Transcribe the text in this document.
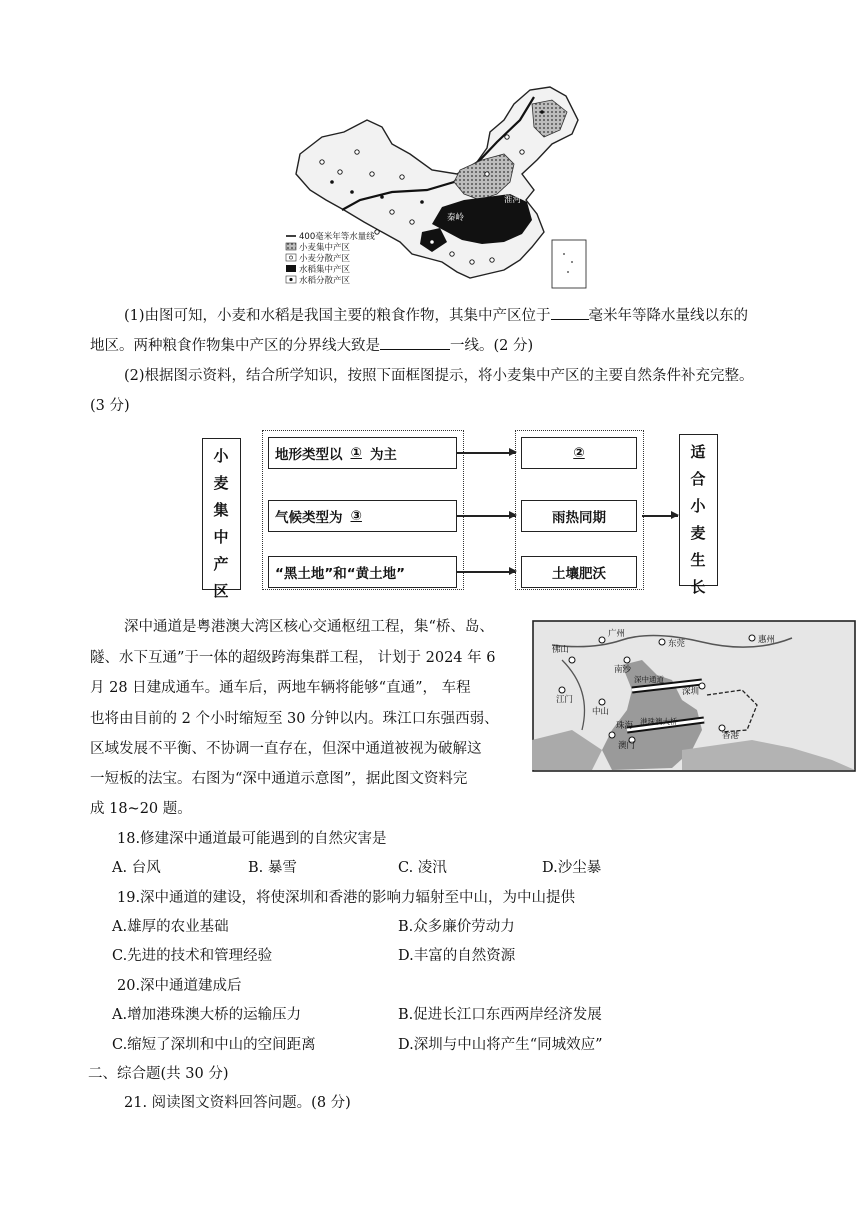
秦岭
淮河
400毫米年等水量线
小麦集中产区
小麦分散产区
水稻集中产区
水稻分散产区
(1)由图可知，小麦和水稻是我国主要的粮食作物，其集中产区位于	毫米年等降水量线以东的
地区。两种粮食作物集中产区的分界线大致是	一线。(2 分)
(2)根据图示资料，结合所学知识，按照下面框图提示，将小麦集中产区的主要自然条件补充完整。
(3 分)
小麦集中产区
地形类型以 ① 为主
气候类型为 ③
“黑土地”和“黄土地”
②
雨热同期
土壤肥沃
适合小麦生长
深中通道是粤港澳大湾区核心交通枢纽工程，集“桥、岛、
隧、水下互通”于一体的超级跨海集群工程， 计划于 2024 年 6
月 28 日建成通车。通车后，两地车辆将能够“直通”， 车程
也将由目前的 2 个小时缩短至 30 分钟以内。珠江口东强西弱、
区域发展不平衡、不协调一直存在，但深中通道被视为破解这
一短板的法宝。右图为“深中通道示意图”，据此图文资料完
成 18~20 题。
广州
东莞	惠州
佛山
南沙
江门
中山
深圳
珠海
澳门
香港
深中通道
港珠澳大桥
18.修建深中通道最可能遇到的自然灾害是
A. 台风	B. 暴雪	C. 凌汛	D.沙尘暴
19.深中通道的建设，将使深圳和香港的影响力辐射至中山，为中山提供
A.雄厚的农业基础	B.众多廉价劳动力
C.先进的技术和管理经验	D.丰富的自然资源
20.深中通道建成后
A.增加港珠澳大桥的运输压力	B.促进长江口东西两岸经济发展
C.缩短了深圳和中山的空间距离	D.深圳与中山将产生“同城效应”
二、综合题(共 30 分)
21. 阅读图文资料回答问题。(8 分)
